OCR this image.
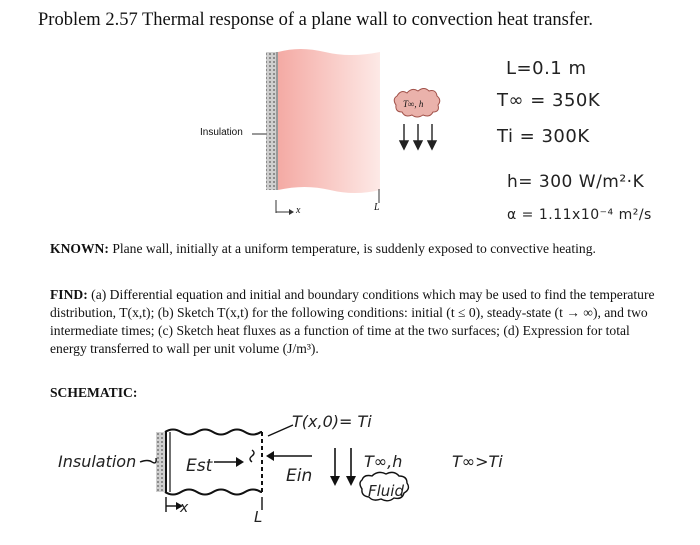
Problem 2.57 Thermal response of a plane wall to convection heat transfer.
Insulation
T∞, h
x	L
L=0.1 m
T∞ = 350K
Ti = 300K
h= 300 W/m²·K
α = 1.11x10⁻⁴ m²/s
KNOWN: Plane wall, initially at a uniform temperature, is suddenly exposed to convective heating.
FIND: (a) Differential equation and initial and boundary conditions which may be used to find the temperature distribution, T(x,t); (b) Sketch T(x,t) for the following conditions: initial (t ≤ 0), steady-state (t → ∞), and two intermediate times; (c) Sketch heat fluxes as a function of time at the two surfaces; (d) Expression for total energy transferred to wall per unit volume (J/m³).
SCHEMATIC:
Insulation	Est	Ein
T(x,0)= Ti
T∞,h
Fluid
x	L
T∞>Ti
